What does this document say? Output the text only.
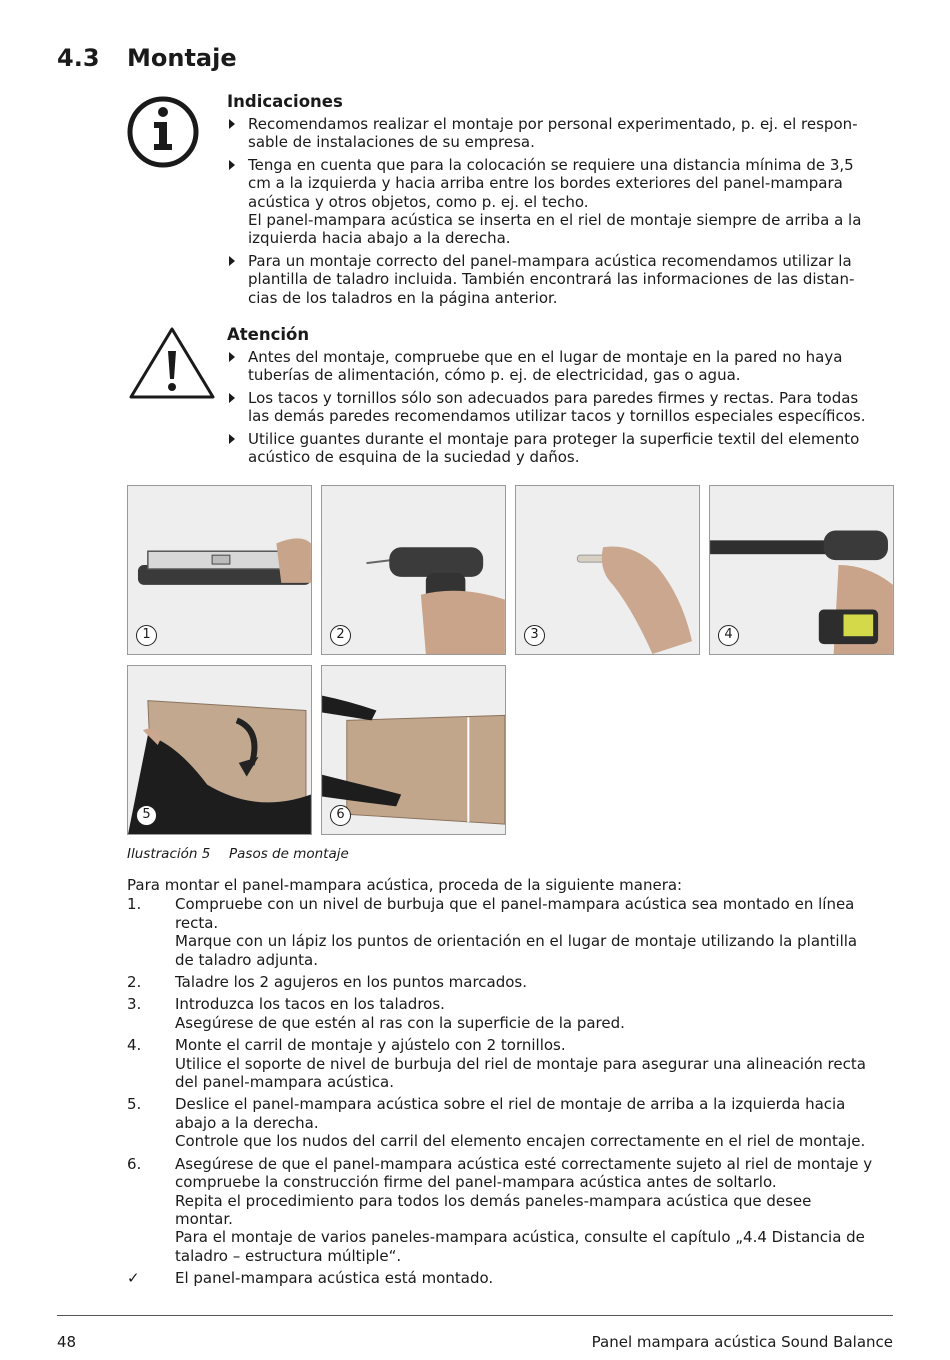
4.3	Montaje
Indicaciones

Recomendamos realizar el montaje por personal experimentado, p. ej. el respon-

sable de instalaciones de su empresa.

Tenga en cuenta que para la colocación se requiere una distancia mínima de 3,5

cm a la izquierda y hacia arriba entre los bordes exteriores del panel-mampara

acústica y otros objetos, como p. ej. el techo.

El panel-mampara acústica se inserta en el riel de montaje siempre de arriba a la

izquierda hacia abajo a la derecha.

Para un montaje correcto del panel-mampara acústica recomendamos utilizar la

plantilla de taladro incluida. También encontrará las informaciones de las distan-

cias de los taladros en la página anterior.

Atención

Antes del montaje, compruebe que en el lugar de montaje en la pared no haya

tuberías de alimentación, cómo p. ej. de electricidad, gas o agua.

Los tacos y tornillos sólo son adecuados para paredes firmes y rectas. Para todas

las demás paredes recomendamos utilizar tacos y tornillos especiales específicos.

Utilice guantes durante el montaje para proteger la superficie textil del elemento

acústico de esquina de la suciedad y daños.

1	2	3	4
5	6
Ilustración 5	Pasos de montaje
Para montar el panel-mampara acústica, proceda de la siguiente manera:
1. Compruebe con un nivel de burbuja que el panel-mampara acústica sea montado en línea

recta.

Marque con un lápiz los puntos de orientación en el lugar de montaje utilizando la plantilla

de taladro adjunta.

2. Taladre los 2 agujeros en los puntos marcados.

3. Introduzca los tacos en los taladros.

Asegúrese de que estén al ras con la superficie de la pared.

4. Monte el carril de montaje y ajústelo con 2 tornillos.

Utilice el soporte de nivel de burbuja del riel de montaje para asegurar una alineación recta

del panel-mampara acústica.

5. Deslice el panel-mampara acústica sobre el riel de montaje de arriba a la izquierda hacia

abajo a la derecha.

Controle que los nudos del carril del elemento encajen correctamente en el riel de montaje.

6. Asegúrese de que el panel-mampara acústica esté correctamente sujeto al riel de montaje y

compruebe la construcción firme del panel-mampara acústica antes de soltarlo.

Repita el procedimiento para todos los demás paneles-mampara acústica que desee

montar.

Para el montaje de varios paneles-mampara acústica, consulte el capítulo „4.4 Distancia de

taladro – estructura múltiple“.

✓ El panel-mampara acústica está montado.

48	Panel mampara acústica Sound Balance
